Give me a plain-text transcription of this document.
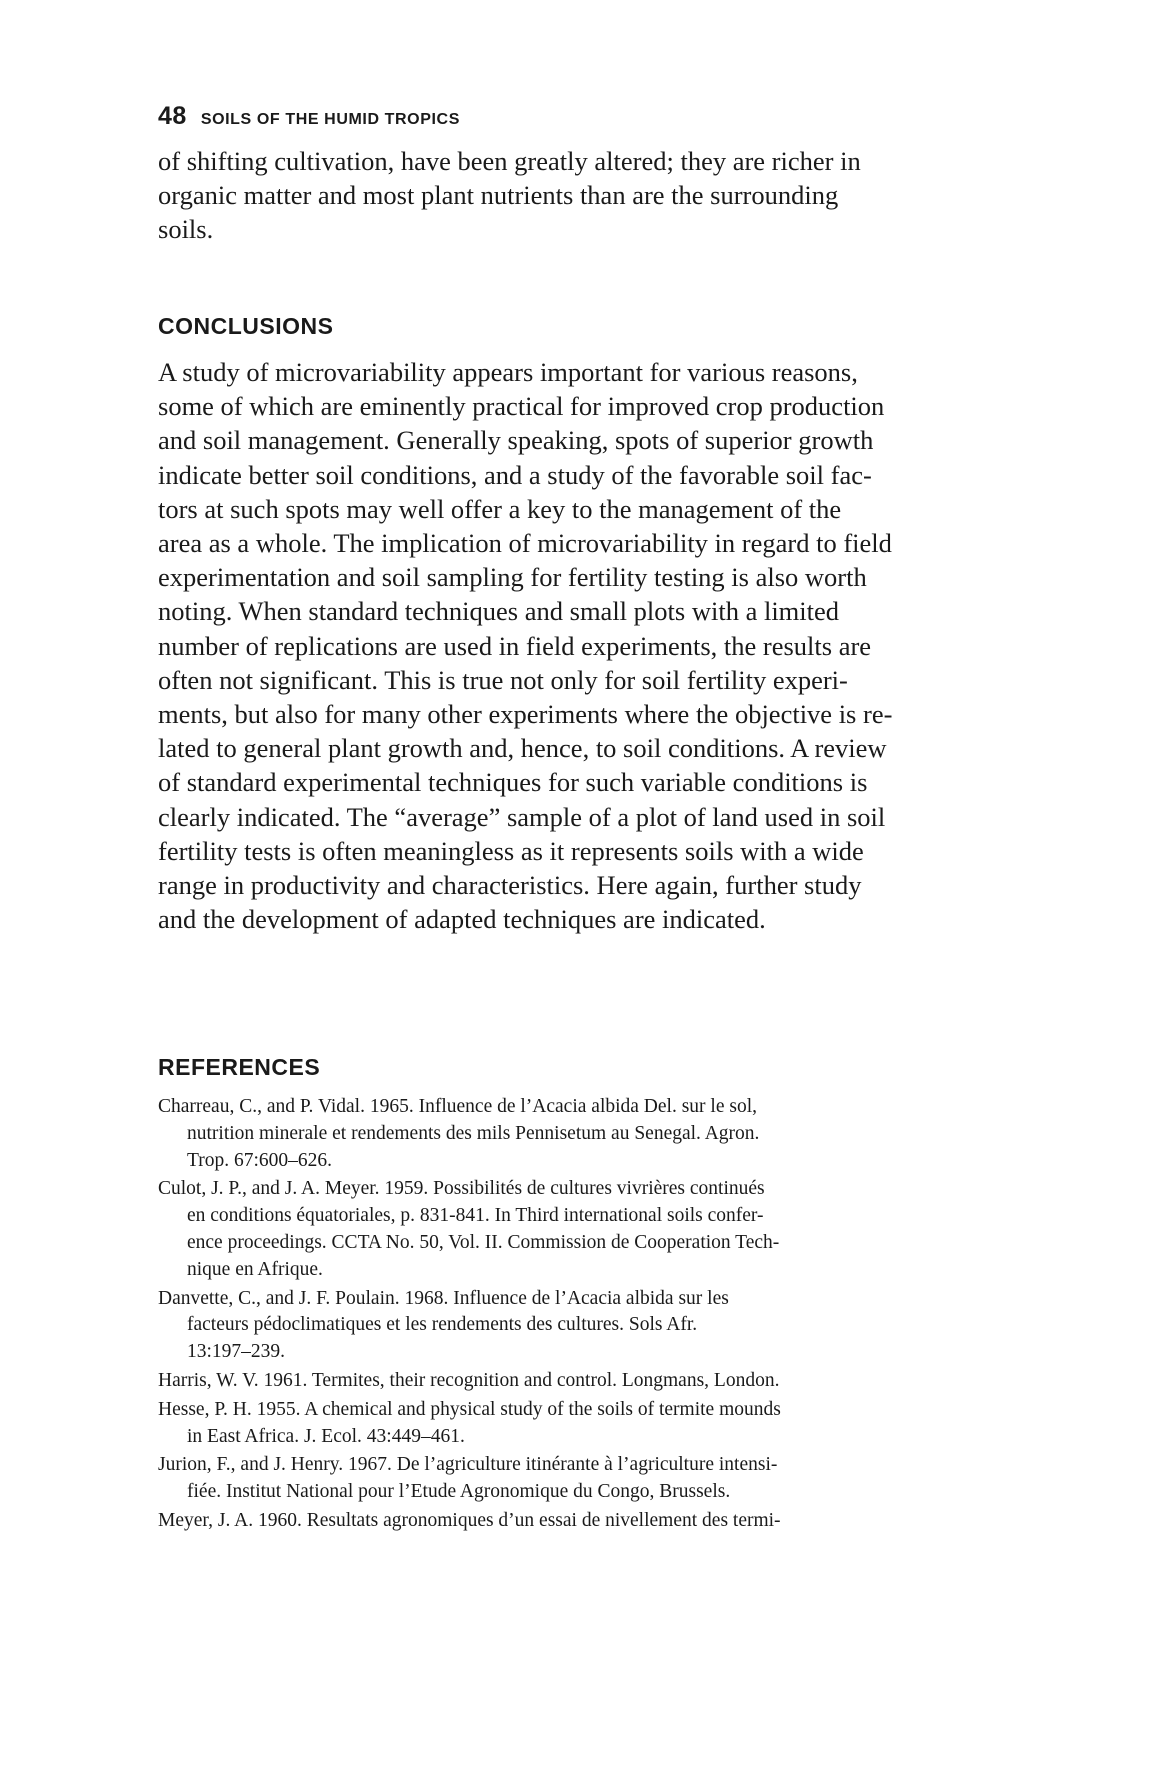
48 SOILS OF THE HUMID TROPICS
of shifting cultivation, have been greatly altered; they are richer in
organic matter and most plant nutrients than are the surrounding
soils.
CONCLUSIONS
A study of microvariability appears important for various reasons,
some of which are eminently practical for improved crop production
and soil management. Generally speaking, spots of superior growth
indicate better soil conditions, and a study of the favorable soil fac-
tors at such spots may well offer a key to the management of the
area as a whole. The implication of microvariability in regard to field
experimentation and soil sampling for fertility testing is also worth
noting. When standard techniques and small plots with a limited
number of replications are used in field experiments, the results are
often not significant. This is true not only for soil fertility experi-
ments, but also for many other experiments where the objective is re-
lated to general plant growth and, hence, to soil conditions. A review
of standard experimental techniques for such variable conditions is
clearly indicated. The “average” sample of a plot of land used in soil
fertility tests is often meaningless as it represents soils with a wide
range in productivity and characteristics. Here again, further study
and the development of adapted techniques are indicated.
REFERENCES
Charreau, C., and P. Vidal. 1965. Influence de l’Acacia albida Del. sur le sol,
nutrition minerale et rendements des mils Pennisetum au Senegal. Agron.
Trop. 67:600–626.
Culot, J. P., and J. A. Meyer. 1959. Possibilités de cultures vivrières continués
en conditions équatoriales, p. 831-841. In Third international soils confer-
ence proceedings. CCTA No. 50, Vol. II. Commission de Cooperation Tech-
nique en Afrique.
Danvette, C., and J. F. Poulain. 1968. Influence de l’Acacia albida sur les
facteurs pédoclimatiques et les rendements des cultures. Sols Afr.
13:197–239.
Harris, W. V. 1961. Termites, their recognition and control. Longmans, London.
Hesse, P. H. 1955. A chemical and physical study of the soils of termite mounds
in East Africa. J. Ecol. 43:449–461.
Jurion, F., and J. Henry. 1967. De l’agriculture itinérante à l’agriculture intensi-
fiée. Institut National pour l’Etude Agronomique du Congo, Brussels.
Meyer, J. A. 1960. Resultats agronomiques d’un essai de nivellement des termi-
